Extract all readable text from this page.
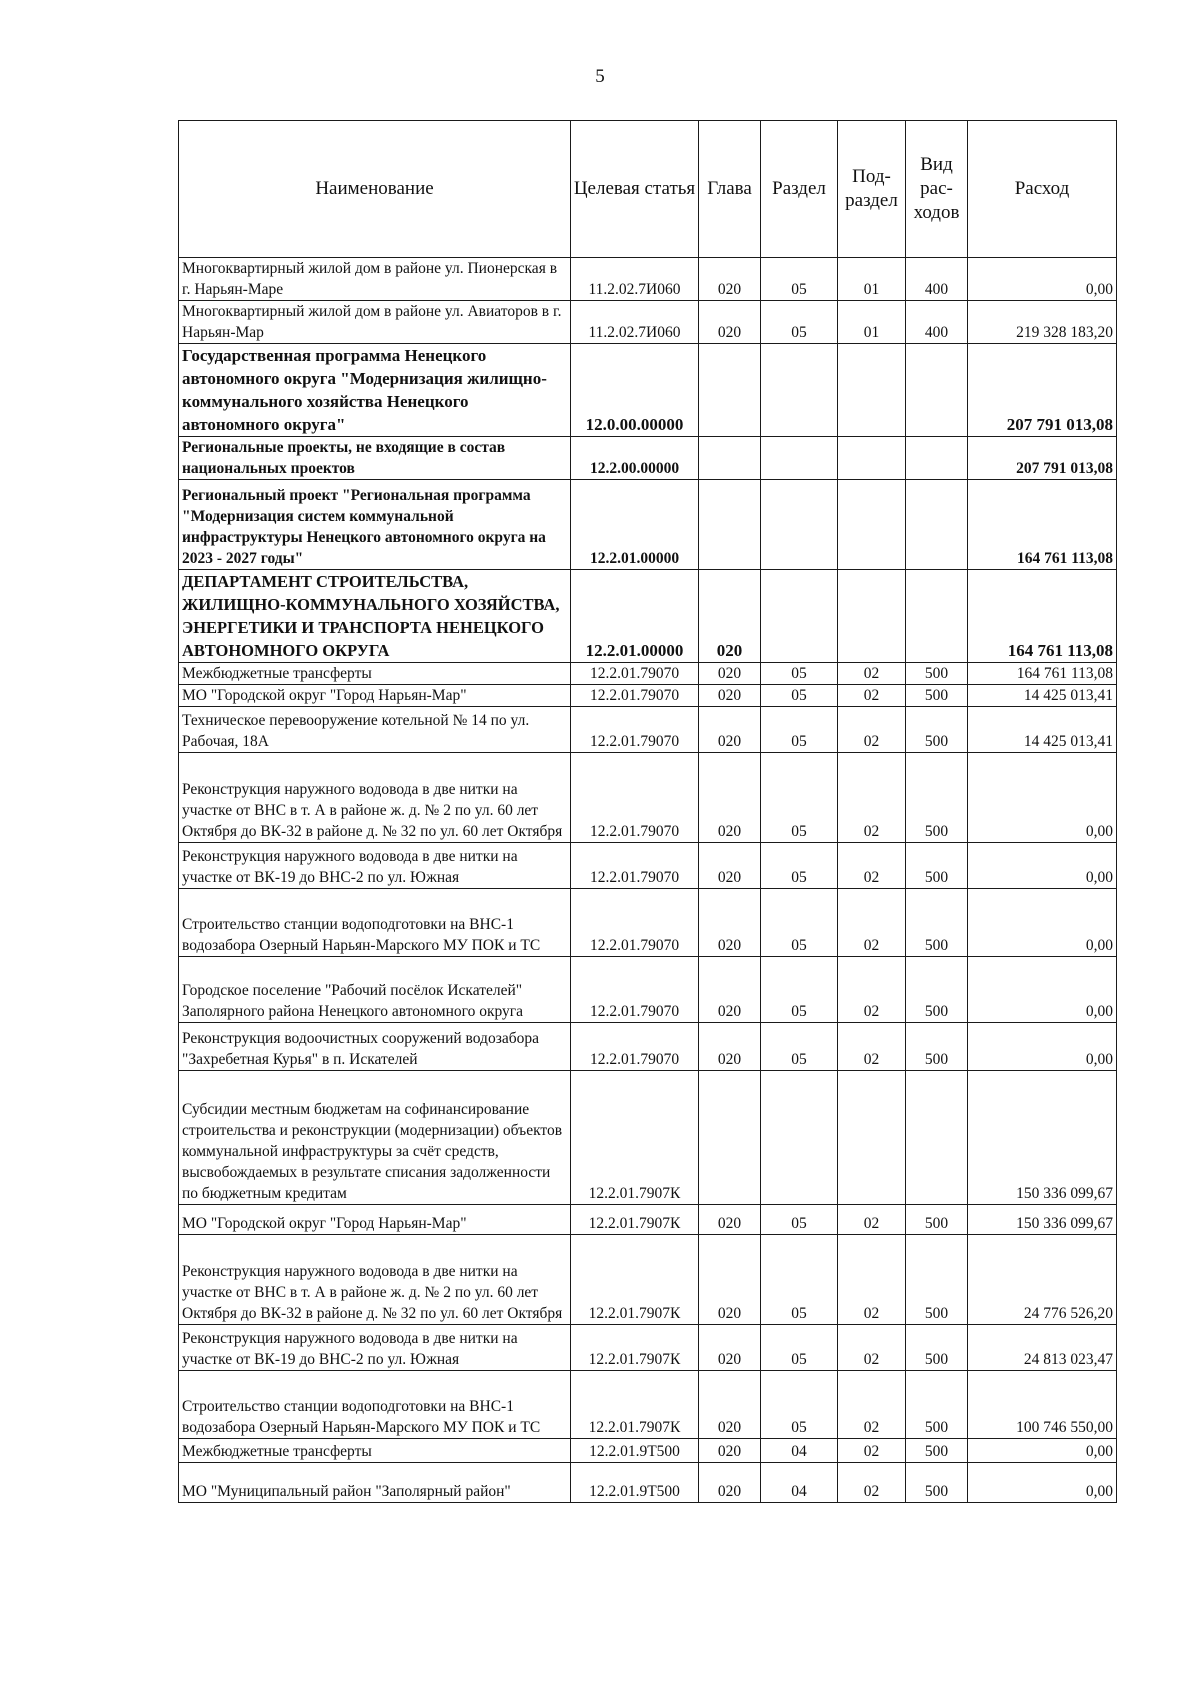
5
Наименование	Целевая статья	Глава	Раздел	Под-раздел	Вид рас-ходов	Расход
Многоквартирный жилой дом в районе ул. Пионерская в г. Нарьян-Маре	11.2.02.7И060	020	05	01	400	0,00
Многоквартирный жилой дом в районе ул. Авиаторов в г. Нарьян-Мар	11.2.02.7И060	020	05	01	400	219 328 183,20
Государственная программа Ненецкого автономного округа "Модернизация жилищно-коммунального хозяйства Ненецкого автономного округа"	12.0.00.00000					207 791 013,08
Региональные проекты, не входящие в состав национальных проектов	12.2.00.00000					207 791 013,08
Региональный проект "Региональная программа "Модернизация систем коммунальной инфраструктуры Ненецкого автономного округа на 2023 - 2027 годы"	12.2.01.00000					164 761 113,08
ДЕПАРТАМЕНТ СТРОИТЕЛЬСТВА, ЖИЛИЩНО-КОММУНАЛЬНОГО ХОЗЯЙСТВА, ЭНЕРГЕТИКИ И ТРАНСПОРТА НЕНЕЦКОГО АВТОНОМНОГО ОКРУГА	12.2.01.00000	020				164 761 113,08
Межбюджетные трансферты	12.2.01.79070	020	05	02	500	164 761 113,08
МО "Городской округ "Город Нарьян-Мар"	12.2.01.79070	020	05	02	500	14 425 013,41
Техническое перевооружение котельной № 14 по ул. Рабочая, 18А	12.2.01.79070	020	05	02	500	14 425 013,41
Реконструкция наружного водовода в две нитки на участке от ВНС в т. А в районе ж. д. № 2 по ул. 60 лет Октября до ВК-32 в районе д. № 32 по ул. 60 лет Октября	12.2.01.79070	020	05	02	500	0,00
Реконструкция наружного водовода в две нитки на участке от ВК-19 до ВНС-2 по ул. Южная	12.2.01.79070	020	05	02	500	0,00
Строительство станции водоподготовки на ВНС-1 водозабора Озерный Нарьян-Марского МУ ПОК и ТС	12.2.01.79070	020	05	02	500	0,00
Городское поселение "Рабочий посёлок Искателей" Заполярного района Ненецкого автономного округа	12.2.01.79070	020	05	02	500	0,00
Реконструкция водоочистных сооружений водозабора "Захребетная Курья" в п. Искателей	12.2.01.79070	020	05	02	500	0,00
Субсидии местным бюджетам на софинансирование строительства и реконструкции (модернизации) объектов коммунальной инфраструктуры за счёт средств, высвобождаемых в результате списания задолженности по бюджетным кредитам	12.2.01.7907К					150 336 099,67
МО "Городской округ "Город Нарьян-Мар"	12.2.01.7907К	020	05	02	500	150 336 099,67
Реконструкция наружного водовода в две нитки на участке от ВНС в т. А в районе ж. д. № 2 по ул. 60 лет Октября до ВК-32 в районе д. № 32 по ул. 60 лет Октября	12.2.01.7907К	020	05	02	500	24 776 526,20
Реконструкция наружного водовода в две нитки на участке от ВК-19 до ВНС-2 по ул. Южная	12.2.01.7907К	020	05	02	500	24 813 023,47
Строительство станции водоподготовки на ВНС-1 водозабора Озерный Нарьян-Марского МУ ПОК и ТС	12.2.01.7907К	020	05	02	500	100 746 550,00
Межбюджетные трансферты	12.2.01.9Т500	020	04	02	500	0,00
МО "Муниципальный район "Заполярный район"	12.2.01.9Т500	020	04	02	500	0,00
